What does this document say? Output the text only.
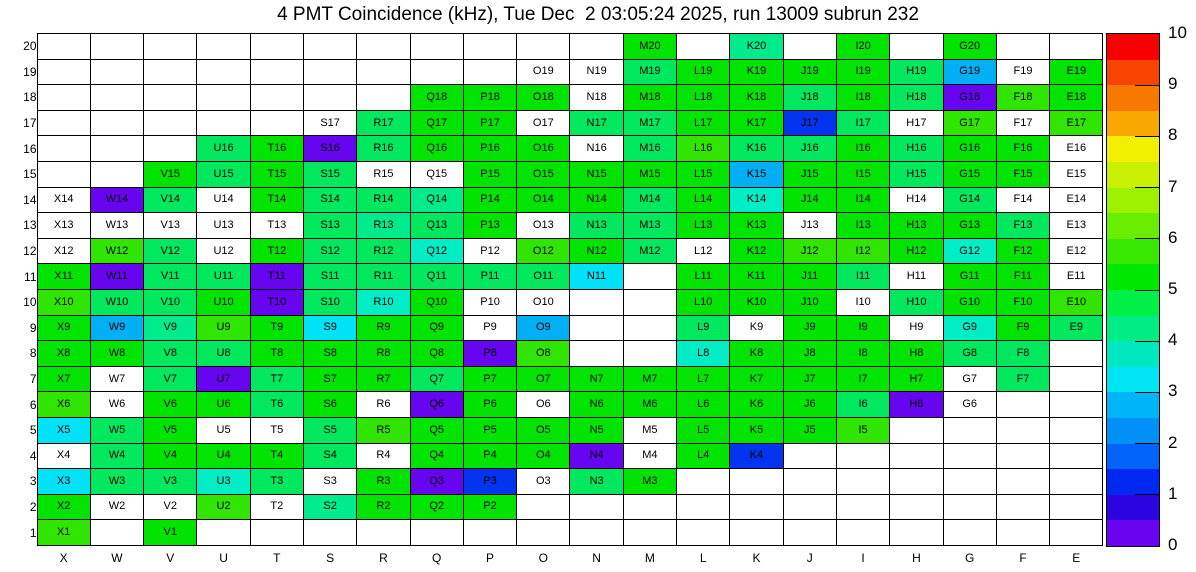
4 PMT Coincidence (kHz), Tue Dec  2 03:05:24 2025, run 13009 subrun 232
20												M20		K20		I20		G20		
19										O19	N19	M19	L19	K19	J19	I19	H19	G19	F19	E19
18								Q18	P18	O18	N18	M18	L18	K18	J18	I18	H18	G18	F18	E18
17						S17	R17	Q17	P17	O17	N17	M17	L17	K17	J17	I17	H17	G17	F17	E17
16				U16	T16	S16	R16	Q16	P16	O16	N16	M16	L16	K16	J16	I16	H16	G16	F16	E16
15			V15	U15	T15	S15	R15	Q15	P15	O15	N15	M15	L15	K15	J15	I15	H15	G15	F15	E15
14	X14	W14	V14	U14	T14	S14	R14	Q14	P14	O14	N14	M14	L14	K14	J14	I14	H14	G14	F14	E14
13	X13	W13	V13	U13	T13	S13	R13	Q13	P13	O13	N13	M13	L13	K13	J13	I13	H13	G13	F13	E13
12	X12	W12	V12	U12	T12	S12	R12	Q12	P12	O12	N12	M12	L12	K12	J12	I12	H12	G12	F12	E12
11	X11	W11	V11	U11	T11	S11	R11	Q11	P11	O11	N11		L11	K11	J11	I11	H11	G11	F11	E11
10	X10	W10	V10	U10	T10	S10	R10	Q10	P10	O10			L10	K10	J10	I10	H10	G10	F10	E10
9	X9	W9	V9	U9	T9	S9	R9	Q9	P9	O9			L9	K9	J9	I9	H9	G9	F9	E9
8	X8	W8	V8	U8	T8	S8	R8	Q8	P8	O8			L8	K8	J8	I8	H8	G8	F8	
7	X7	W7	V7	U7	T7	S7	R7	Q7	P7	O7	N7	M7	L7	K7	J7	I7	H7	G7	F7	
6	X6	W6	V6	U6	T6	S6	R6	Q6	P6	O6	N6	M6	L6	K6	J6	I6	H6	G6		
5	X5	W5	V5	U5	T5	S5	R5	Q5	P5	O5	N5	M5	L5	K5	J5	I5				
4	X4	W4	V4	U4	T4	S4	R4	Q4	P4	O4	N4	M4	L4	K4						
3	X3	W3	V3	U3	T3	S3	R3	Q3	P3	O3	N3	M3								
2	X2	W2	V2	U2	T2	S2	R2	Q2	P2											
1	X1		V1																	
	X	W	V	U	T	S	R	Q	P	O	N	M	L	K	J	I	H	G	F	E
10
9
8
7
6
5
4
3
2
1
0
